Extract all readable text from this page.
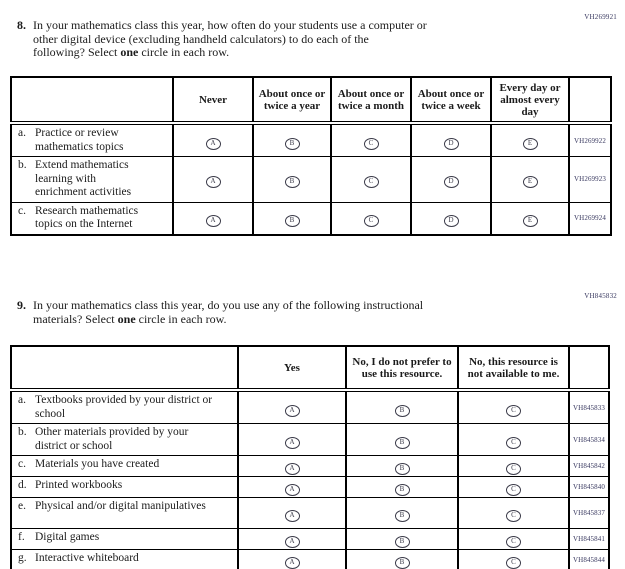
VH269921
8. In your mathematics class this year, how often do your students use a computer or
other digital device (excluding handheld calculators) to do each of the
following? Select one circle in each row.
	Never	About once or twice a year	About once or twice a month	About once or twice a week	Every day or almost every day	

a. Practice or review mathematics topics	A	B	C	D	E	VH269922

b. Extend mathematics learning with enrichment activities	A	B	C	D	E	VH269923

c. Research mathematics topics on the Internet	A	B	C	D	E	VH269924
VH845832
9. In your mathematics class this year, do you use any of the following instructional
materials? Select one circle in each row.
	Yes	No, I do not prefer to use this resource.	No, this resource is not available to me.	

a. Textbooks provided by your district or school	A	B	C	VH845833

b. Other materials provided by your district or school	A	B	C	VH845834

c. Materials you have created	A	B	C	VH845842

d. Printed workbooks	A	B	C	VH845840

e. Physical and/or digital manipulatives	A	B	C	VH845837

f. Digital games	A	B	C	VH845841

g. Interactive whiteboard	A	B	C	VH845844
